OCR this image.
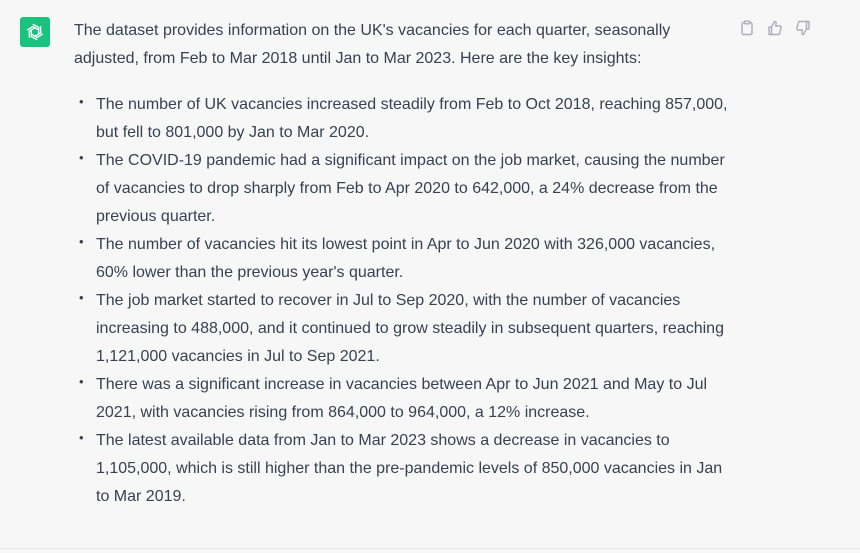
The dataset provides information on the UK's vacancies for each quarter, seasonally adjusted, from Feb to Mar 2018 until Jan to Mar 2023. Here are the key insights:

• The number of UK vacancies increased steadily from Feb to Oct 2018, reaching 857,000, but fell to 801,000 by Jan to Mar 2020.
• The COVID-19 pandemic had a significant impact on the job market, causing the number of vacancies to drop sharply from Feb to Apr 2020 to 642,000, a 24% decrease from the previous quarter.
• The number of vacancies hit its lowest point in Apr to Jun 2020 with 326,000 vacancies, 60% lower than the previous year's quarter.
• The job market started to recover in Jul to Sep 2020, with the number of vacancies increasing to 488,000, and it continued to grow steadily in subsequent quarters, reaching 1,121,000 vacancies in Jul to Sep 2021.
• There was a significant increase in vacancies between Apr to Jun 2021 and May to Jul 2021, with vacancies rising from 864,000 to 964,000, a 12% increase.
• The latest available data from Jan to Mar 2023 shows a decrease in vacancies to 1,105,000, which is still higher than the pre-pandemic levels of 850,000 vacancies in Jan to Mar 2019.
